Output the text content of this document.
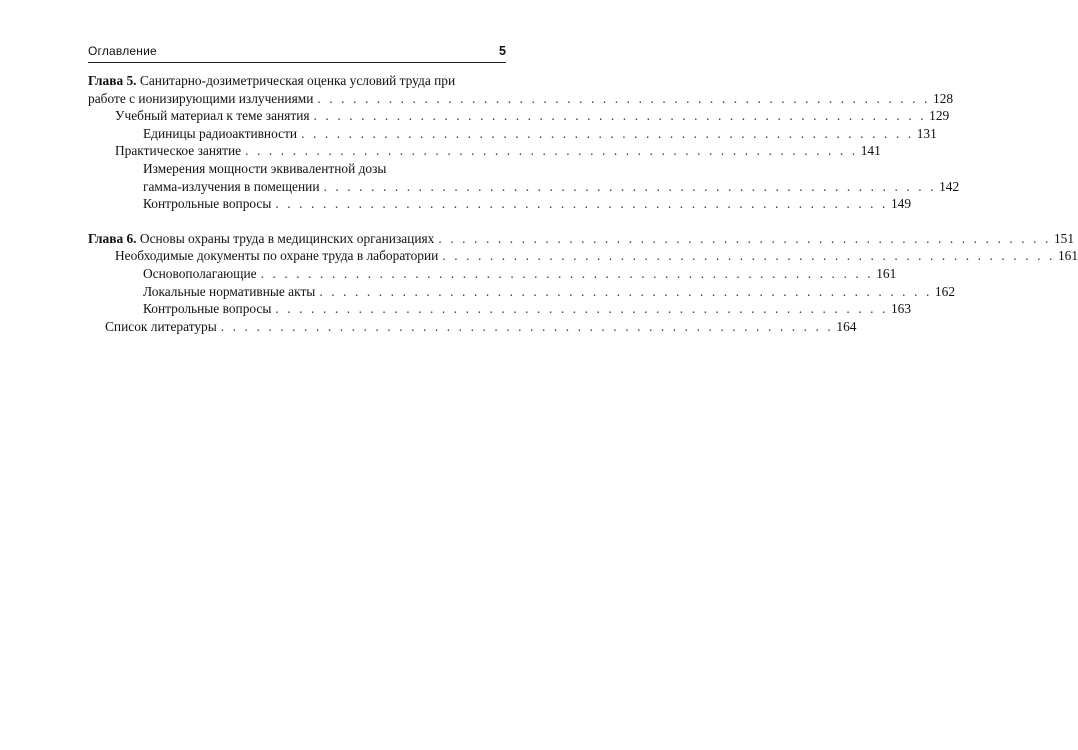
Оглавление	5
Глава 5. Санитарно-дозиметрическая оценка условий труда при
работе с ионизирующими излучениями . . . . . . . . . . . . . . . . . . . . . . . . . . . . . . . . . . . . . . . . . . . . . . . . . . . . 128
Учебный материал к теме занятия . . . . . . . . . . . . . . . . . . . . . . . . . . . . . . . . . . . . . . . . . . . . . . . . . . . . 129
Единицы радиоактивности . . . . . . . . . . . . . . . . . . . . . . . . . . . . . . . . . . . . . . . . . . . . . . . . . . . . 131
Практическое занятие . . . . . . . . . . . . . . . . . . . . . . . . . . . . . . . . . . . . . . . . . . . . . . . . . . . . 141
Измерения мощности эквивалентной дозы
гамма-излучения в помещении . . . . . . . . . . . . . . . . . . . . . . . . . . . . . . . . . . . . . . . . . . . . . . . . . . . . 142
Контрольные вопросы . . . . . . . . . . . . . . . . . . . . . . . . . . . . . . . . . . . . . . . . . . . . . . . . . . . . 149
Глава 6. Основы охраны труда в медицинских организациях . . . . . . . . . . . . . . . . . . . . . . . . . . . . . . . . . . . . . . . . . . . . . . . . . . . . 151
Необходимые документы по охране труда в лаборатории . . . . . . . . . . . . . . . . . . . . . . . . . . . . . . . . . . . . . . . . . . . . . . . . . . . . 161
Основополагающие . . . . . . . . . . . . . . . . . . . . . . . . . . . . . . . . . . . . . . . . . . . . . . . . . . . . 161
Локальные нормативные акты . . . . . . . . . . . . . . . . . . . . . . . . . . . . . . . . . . . . . . . . . . . . . . . . . . . . 162
Контрольные вопросы . . . . . . . . . . . . . . . . . . . . . . . . . . . . . . . . . . . . . . . . . . . . . . . . . . . . 163
Список литературы . . . . . . . . . . . . . . . . . . . . . . . . . . . . . . . . . . . . . . . . . . . . . . . . . . . . 164
